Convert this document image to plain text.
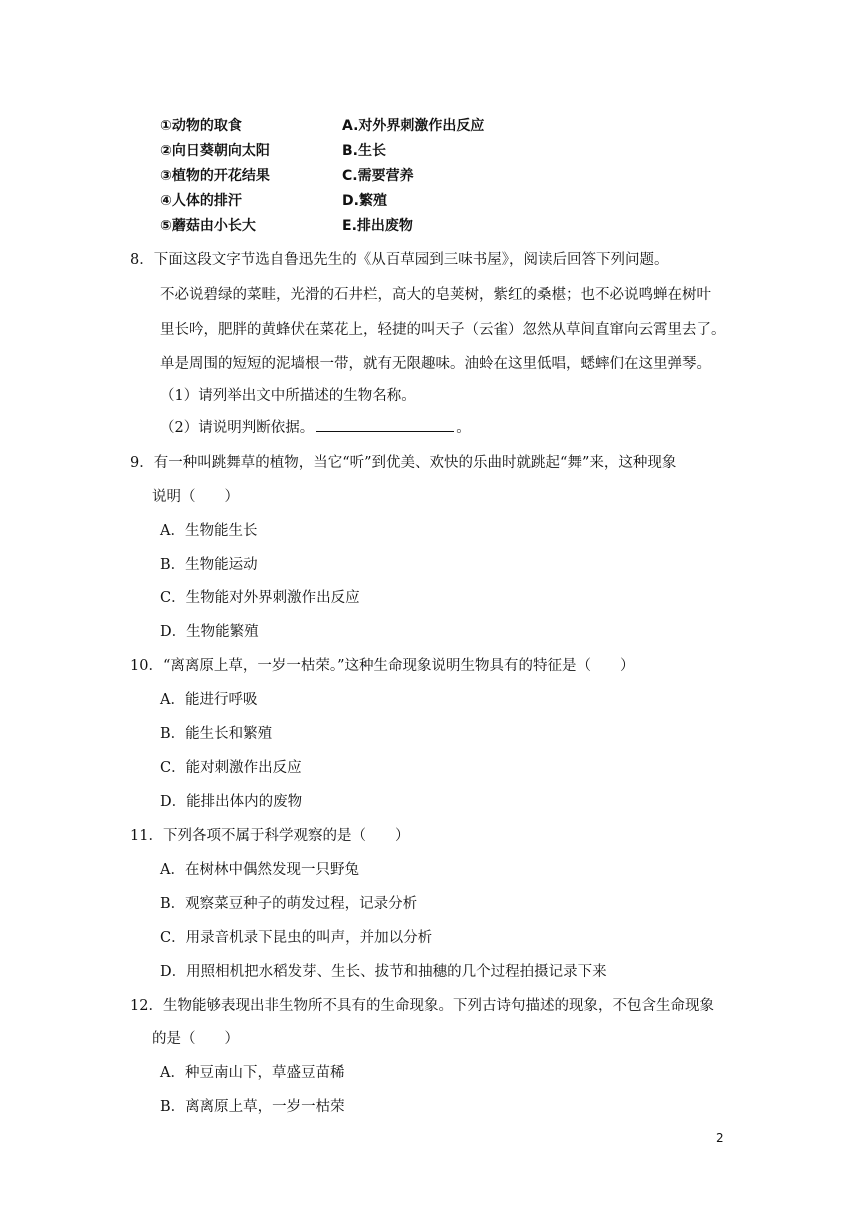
①动物的取食	A.对外界刺激作出反应
②向日葵朝向太阳	B.生长
③植物的开花结果	C.需要营养
④人体的排汗	D.繁殖
⑤蘑菇由小长大	E.排出废物
8．下面这段文字节选自鲁迅先生的《从百草园到三味书屋》，阅读后回答下列问题。
不必说碧绿的菜畦，光滑的石井栏，高大的皂荚树，紫红的桑椹；也不必说鸣蝉在树叶
里长吟，肥胖的黄蜂伏在菜花上，轻捷的叫天子（云雀）忽然从草间直窜向云霄里去了。
单是周围的短短的泥墙根一带，就有无限趣味。油蛉在这里低唱，蟋蟀们在这里弹琴。
（1）请列举出文中所描述的生物名称。
（2）请说明判断依据。	。
9．有一种叫跳舞草的植物，当它“听”到优美、欢快的乐曲时就跳起“舞”来，这种现象
说明（　　）
A．生物能生长
B．生物能运动
C．生物能对外界刺激作出反应
D．生物能繁殖
10．“离离原上草，一岁一枯荣。”这种生命现象说明生物具有的特征是（　　）
A．能进行呼吸
B．能生长和繁殖
C．能对刺激作出反应
D．能排出体内的废物
11．下列各项不属于科学观察的是（　　）
A．在树林中偶然发现一只野兔
B．观察菜豆种子的萌发过程，记录分析
C．用录音机录下昆虫的叫声，并加以分析
D．用照相机把水稻发芽、生长、拔节和抽穗的几个过程拍摄记录下来
12．生物能够表现出非生物所不具有的生命现象。下列古诗句描述的现象，不包含生命现象
的是（　　）
A．种豆南山下，草盛豆苗稀
B．离离原上草，一岁一枯荣
2
